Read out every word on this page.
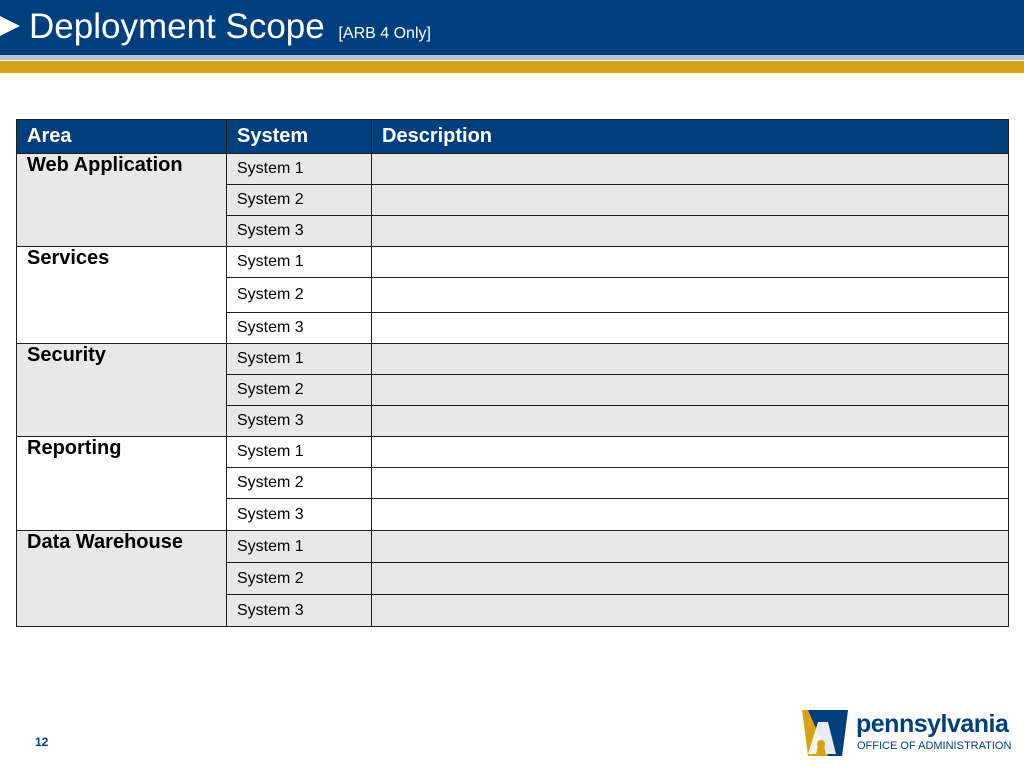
Deployment Scope [ARB 4 Only]
Area	System	Description
Web Application	System 1	
	System 2	
	System 3	
Services	System 1	
	System 2	
	System 3	
Security	System 1	
	System 2	
	System 3	
Reporting	System 1	
	System 2	
	System 3	
Data Warehouse	System 1	
	System 2	
	System 3	
12
pennsylvania
OFFICE OF ADMINISTRATION
